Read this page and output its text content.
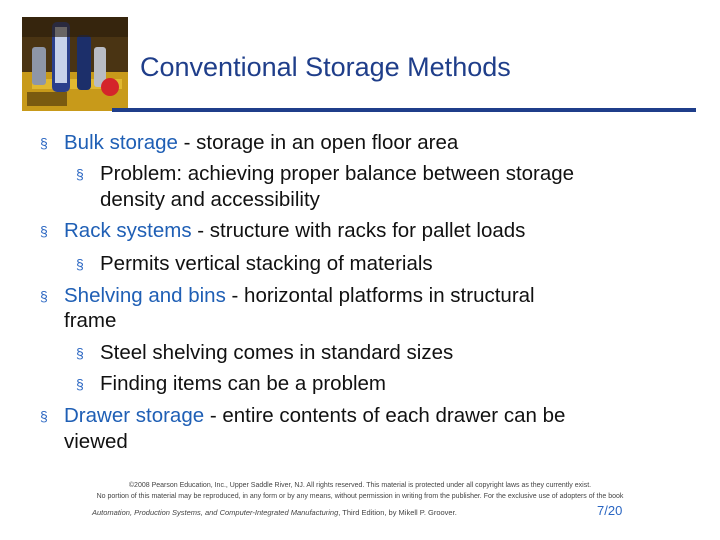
Conventional Storage Methods
§ Bulk storage - storage in an open floor area
§ Problem: achieving proper balance between storage
density and accessibility
§ Rack systems - structure with racks for pallet loads
§ Permits vertical stacking of materials
§ Shelving and bins - horizontal platforms in structural
frame
§ Steel shelving comes in standard sizes
§ Finding items can be a problem
§ Drawer storage - entire contents of each drawer can be
viewed
©2008 Pearson Education, Inc., Upper Saddle River, NJ. All rights reserved. This material is protected under all copyright laws as they currently exist.
No portion of this material may be reproduced, in any form or by any means, without permission in writing from the publisher. For the exclusive use of adopters of the book
Automation, Production Systems, and Computer-Integrated Manufacturing, Third Edition, by Mikell P. Groover.	7/20
